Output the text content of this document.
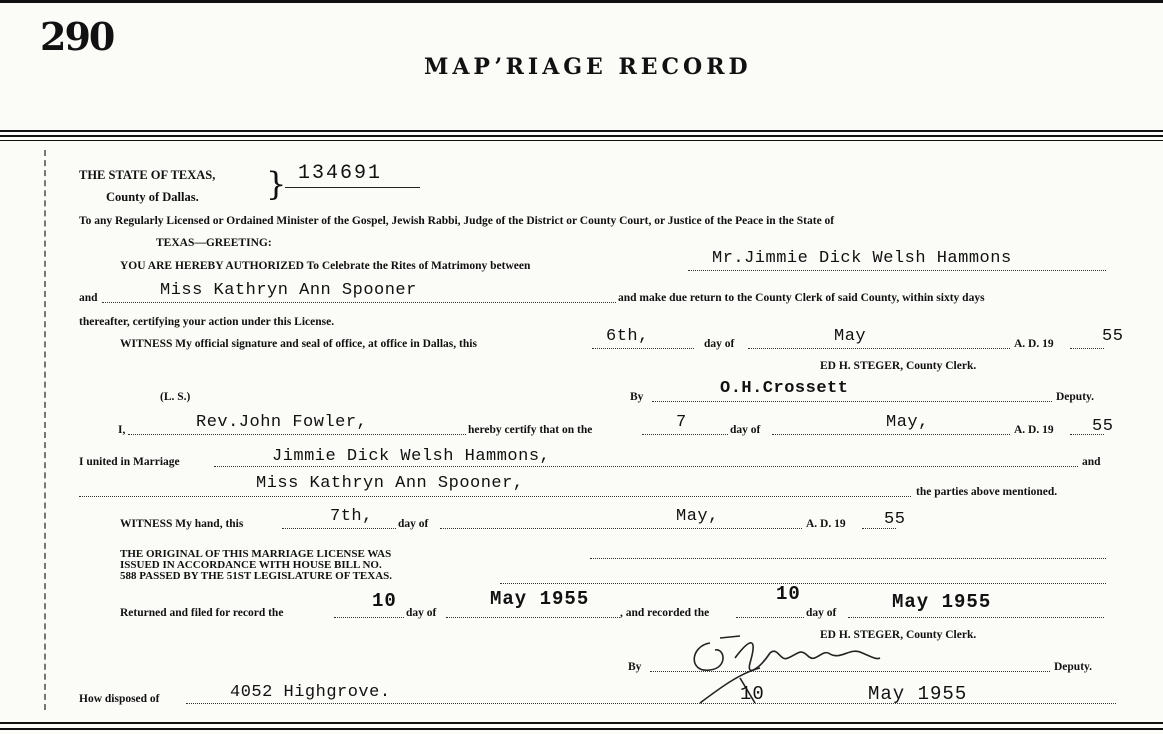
290
MAPʼRIAGE RECORD
THE STATE OF TEXAS,
County of Dallas. } 134691
To any Regularly Licensed or Ordained Minister of the Gospel, Jewish Rabbi, Judge of the District or County Court, or Justice of the Peace in the State of
TEXAS—GREETING:
YOU ARE HEREBY AUTHORIZED To Celebrate the Rites of Matrimony between	Mr.Jimmie Dick Welsh Hammons
and	Miss Kathryn Ann Spooner	and make due return to the County Clerk of said County, within sixty days
thereafter, certifying your action under this License.
WITNESS My official signature and seal of office, at office in Dallas, this	6th,	day of	May	A. D. 19	55
ED H. STEGER, County Clerk.
(L. S.)	By	O.H.Crossett	Deputy.
I,	Rev.John Fowler,	hereby certify that on the	7	day of	May,	A. D. 19 55
I united in Marriage	Jimmie Dick Welsh Hammons,	and
Miss Kathryn Ann Spooner,	the parties above mentioned.
WITNESS My hand, this	7th, day of	May,	A. D. 19 55
THE ORIGINAL OF THIS MARRIAGE LICENSE WAS
ISSUED IN ACCORDANCE WITH HOUSE BILL NO.
588 PASSED BY THE 51ST LEGISLATURE OF TEXAS.
Returned and filed for record the
10
day of
May 1955
, and recorded the
10
day of	May 1955
ED H. STEGER, County Clerk.
By	Deputy.
How disposed of	4052 Highgrove.	10	May 1955
